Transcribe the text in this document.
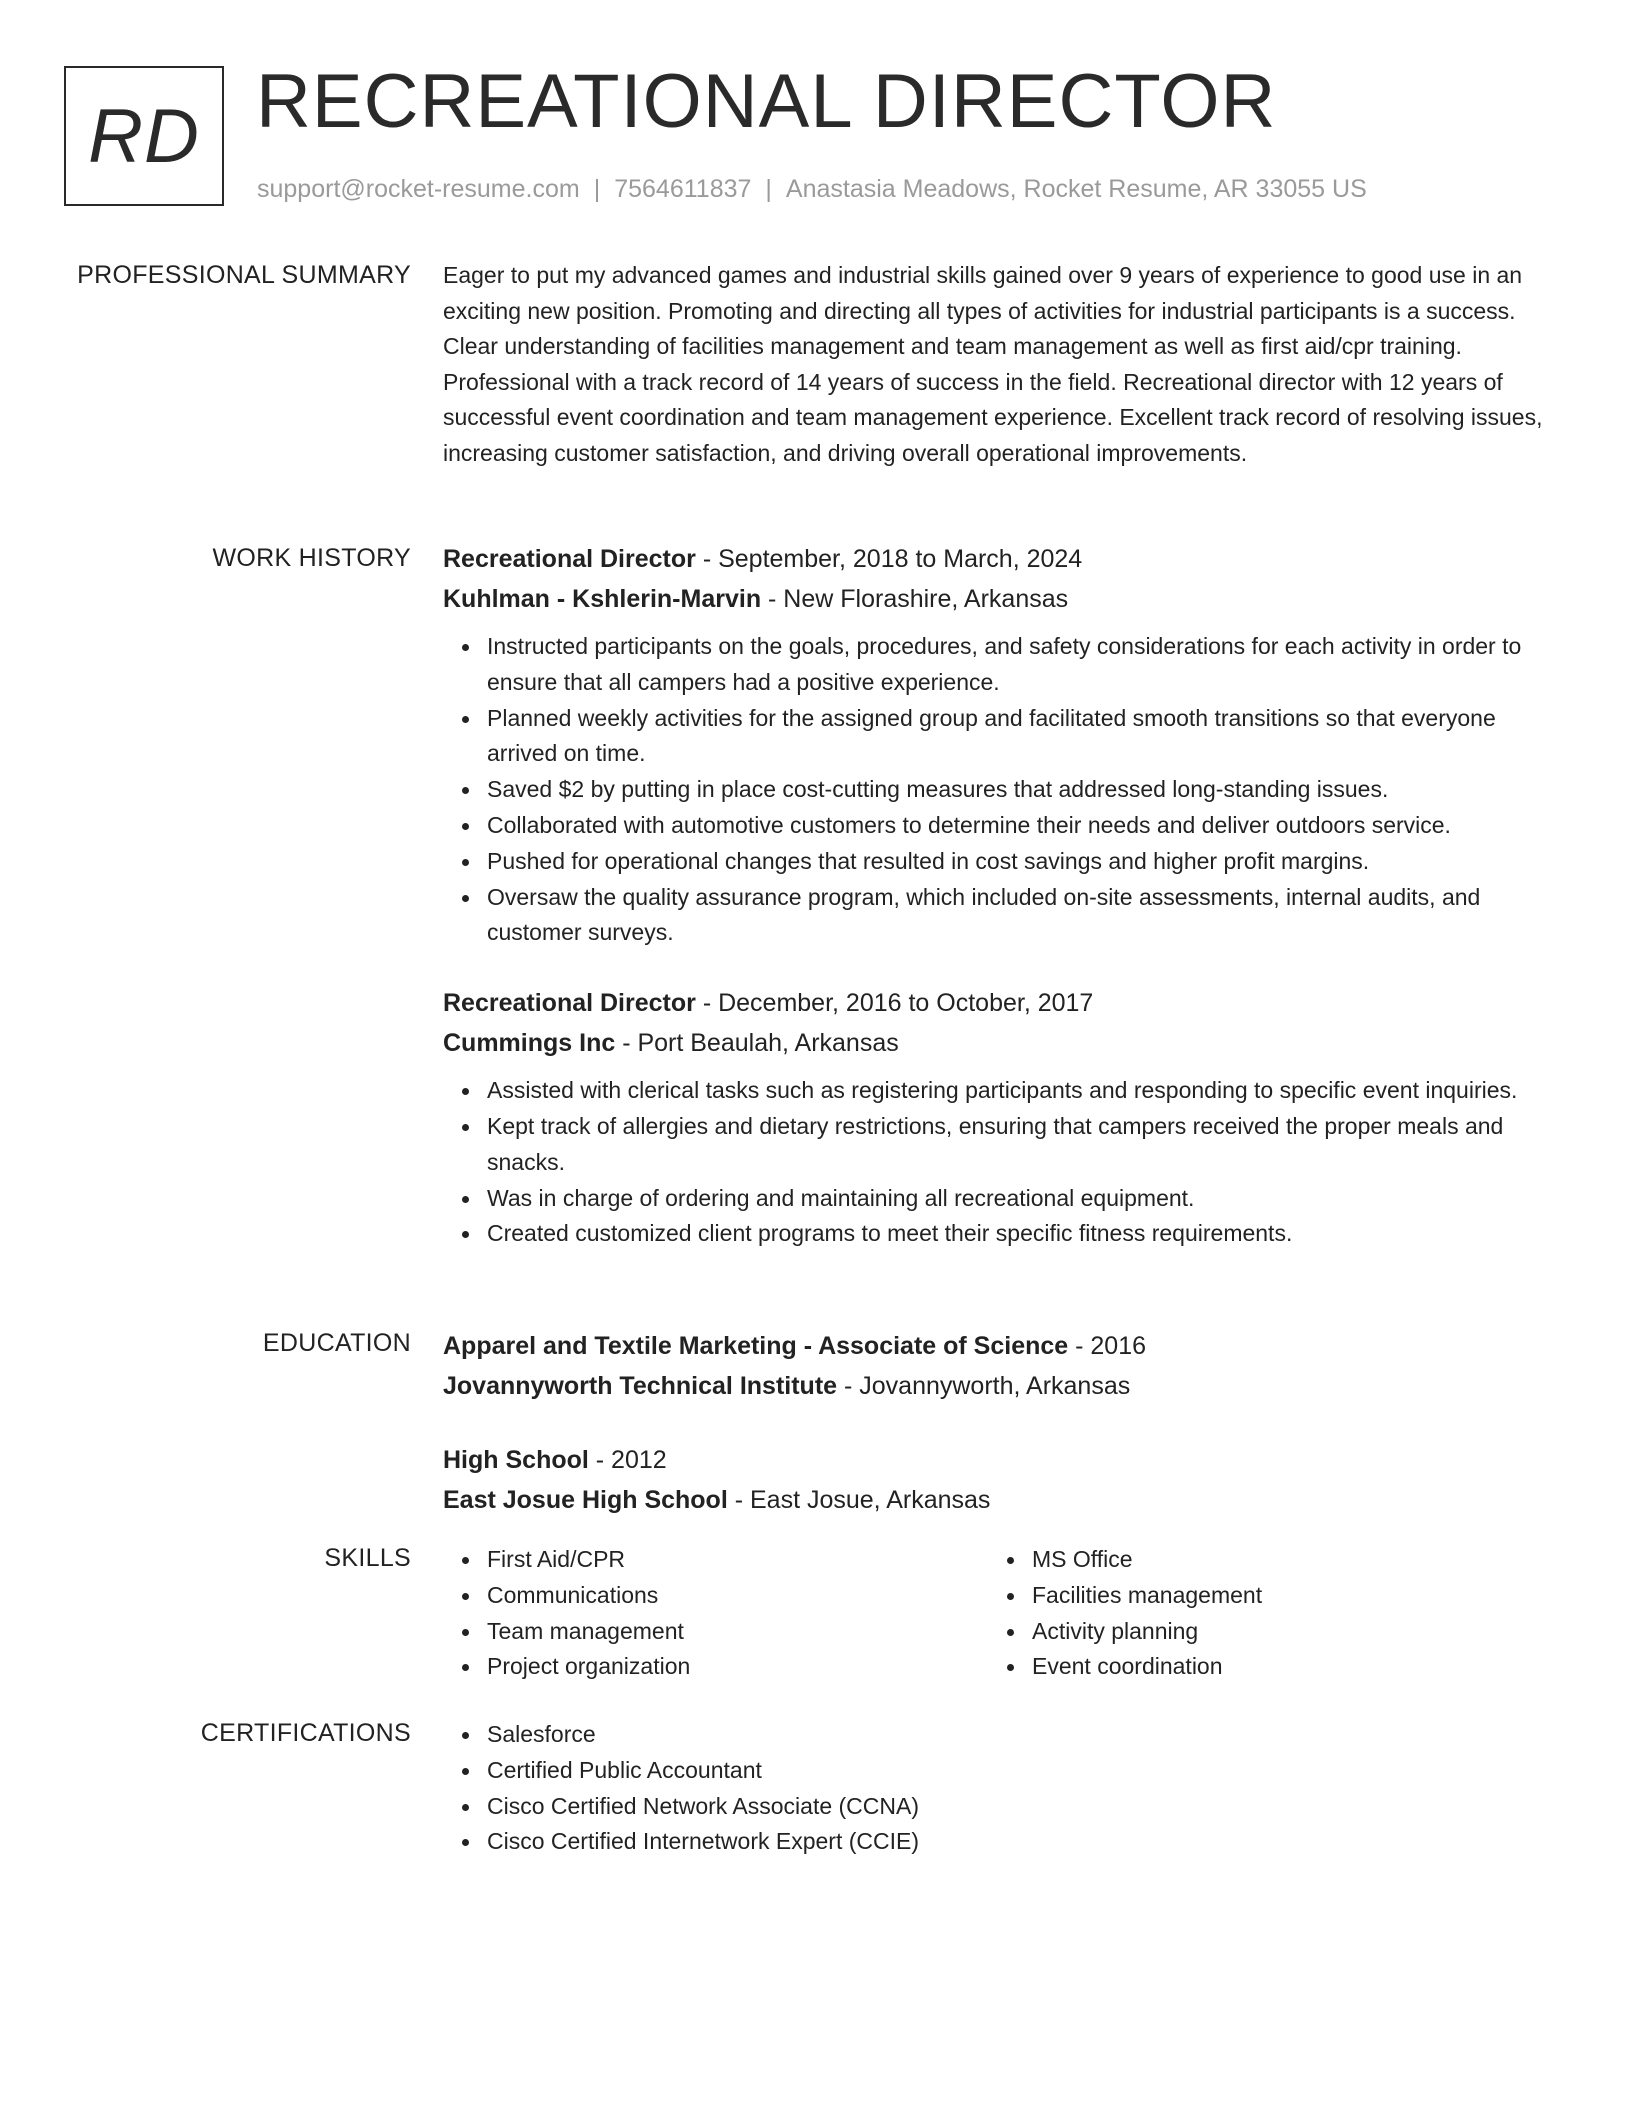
RD RECREATIONAL DIRECTOR
support@rocket-resume.com | 7564611837 | Anastasia Meadows, Rocket Resume, AR 33055 US
PROFESSIONAL SUMMARY Eager to put my advanced games and industrial skills gained over 9 years of experience to good use in an exciting new position. Promoting and directing all types of activities for industrial participants is a success. Clear understanding of facilities management and team management as well as first aid/cpr training. Professional with a track record of 14 years of success in the field. Recreational director with 12 years of successful event coordination and team management experience. Excellent track record of resolving issues, increasing customer satisfaction, and driving overall operational improvements.

WORK HISTORY Recreational Director - September, 2018 to March, 2024
Kuhlman - Kshlerin-Marvin - New Florashire, Arkansas
Instructed participants on the goals, procedures, and safety considerations for each activity in order to ensure that all campers had a positive experience.
Planned weekly activities for the assigned group and facilitated smooth transitions so that everyone arrived on time.
Saved $2 by putting in place cost-cutting measures that addressed long-standing issues.
Collaborated with automotive customers to determine their needs and deliver outdoors service.
Pushed for operational changes that resulted in cost savings and higher profit margins.
Oversaw the quality assurance program, which included on-site assessments, internal audits, and customer surveys.
Recreational Director - December, 2016 to October, 2017
Cummings Inc - Port Beaulah, Arkansas
Assisted with clerical tasks such as registering participants and responding to specific event inquiries.
Kept track of allergies and dietary restrictions, ensuring that campers received the proper meals and snacks.
Was in charge of ordering and maintaining all recreational equipment.
Created customized client programs to meet their specific fitness requirements.
EDUCATION Apparel and Textile Marketing - Associate of Science - 2016
Jovannyworth Technical Institute - Jovannyworth, Arkansas
High School - 2012
East Josue High School - East Josue, Arkansas
SKILLS	First Aid/CPR
Communications
Team management
Project organization
MS Office
Facilities management
Activity planning
Event coordination
CERTIFICATIONS	Salesforce
Certified Public Accountant
Cisco Certified Network Associate (CCNA)
Cisco Certified Internetwork Expert (CCIE)
